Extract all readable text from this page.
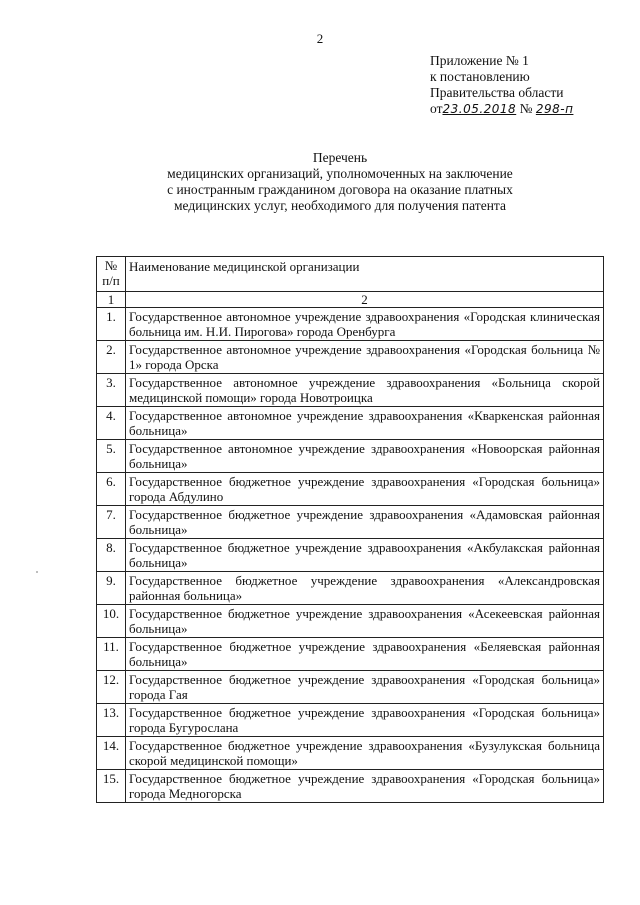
2
Приложение № 1
к постановлению
Правительства области
от23.05.2018 № 298-п
Перечень
медицинских организаций, уполномоченных на заключение
с иностранным гражданином договора на оказание платных
медицинских услуг, необходимого для получения патента
№ п/п	Наименование медицинской организации
1	2
1.	Государственное автономное учреждение здравоохранения «Городская клиническая больница им. Н.И. Пирогова» города Оренбурга
2.	Государственное автономное учреждение здравоохранения «Городская больница № 1» города Орска
3.	Государственное автономное учреждение здравоохранения «Больница скорой медицинской помощи» города Новотроицка
4.	Государственное автономное учреждение здравоохранения «Кваркенская районная больница»
5.	Государственное автономное учреждение здравоохранения «Новоорская районная больница»
6.	Государственное бюджетное учреждение здравоохранения «Городская больница» города Абдулино
7.	Государственное бюджетное учреждение здравоохранения «Адамовская районная больница»
8.	Государственное бюджетное учреждение здравоохранения «Акбулакская районная больница»
9.	Государственное бюджетное учреждение здравоохранения «Александровская районная больница»
10.	Государственное бюджетное учреждение здравоохранения «Асекеевская районная больница»
11.	Государственное бюджетное учреждение здравоохранения «Беляевская районная больница»
12.	Государственное бюджетное учреждение здравоохранения «Городская больница» города Гая
13.	Государственное бюджетное учреждение здравоохранения «Городская больница» города Бугурослана
14.	Государственное бюджетное учреждение здравоохранения «Бузулукская больница скорой медицинской помощи»
15.	Государственное бюджетное учреждение здравоохранения «Городская больница» города Медногорска
